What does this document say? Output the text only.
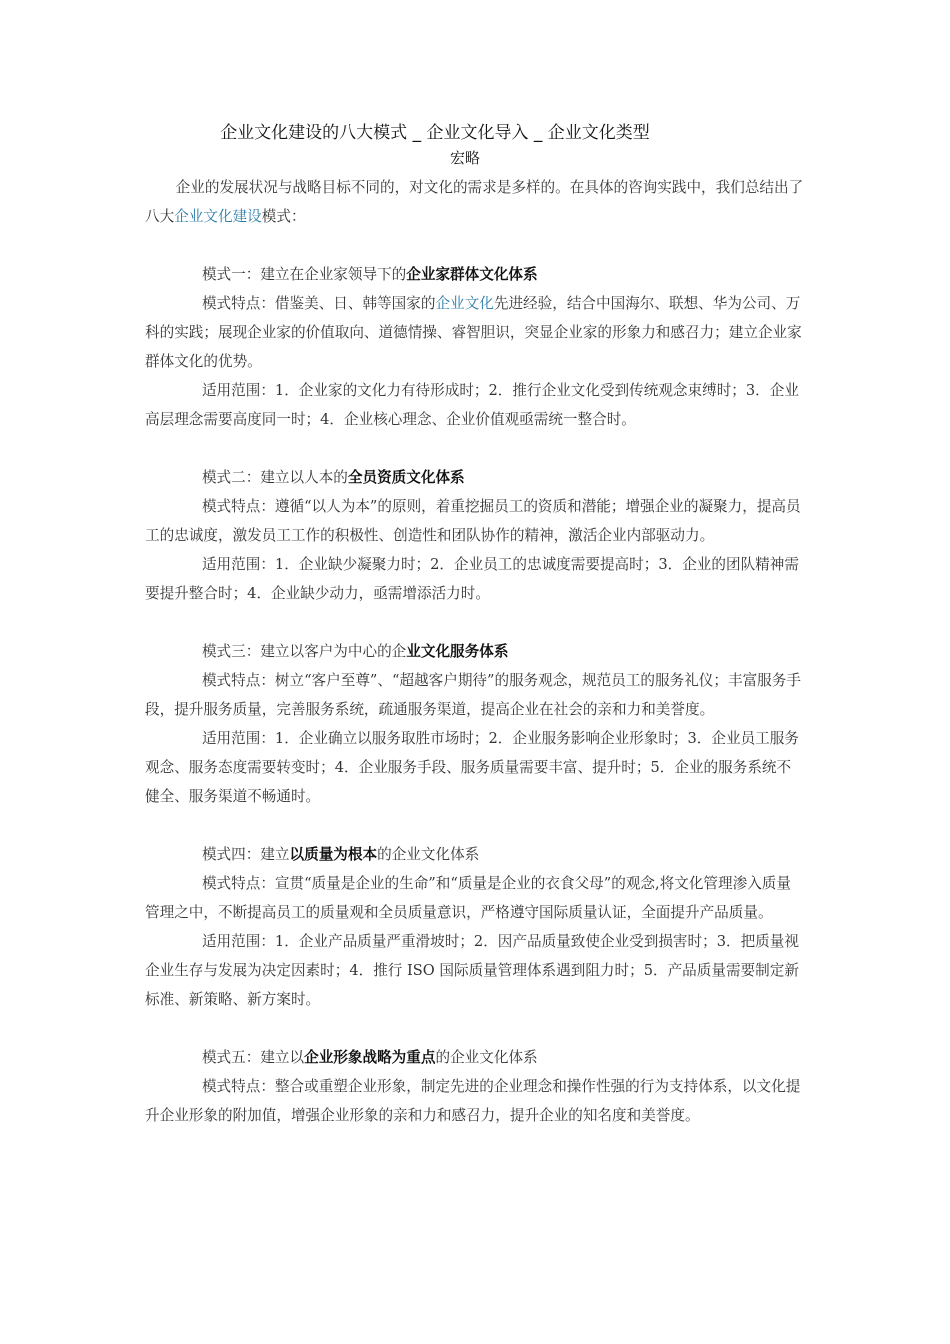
企业文化建设的八大模式 _ 企业文化导入 _ 企业文化类型
宏略

企业的发展状况与战略目标不同的，对文化的需求是多样的。在具体的咨询实践中，我们总结出了八大企业文化建设模式：

模式一：建立在企业家领导下的企业家群体文化体系

模式特点：借鉴美、日、韩等国家的企业文化先进经验，结合中国海尔、联想、华为公司、万科的实践；展现企业家的价值取向、道德情操、睿智胆识，突显企业家的形象力和感召力；建立企业家群体文化的优势。

适用范围：1．企业家的文化力有待形成时；2．推行企业文化受到传统观念束缚时；3．企业高层理念需要高度同一时；4．企业核心理念、企业价值观亟需统一整合时。

模式二：建立以人本的全员资质文化体系

模式特点：遵循“以人为本”的原则，着重挖掘员工的资质和潜能；增强企业的凝聚力，提高员工的忠诚度，激发员工工作的积极性、创造性和团队协作的精神，激活企业内部驱动力。

适用范围：1．企业缺少凝聚力时；2．企业员工的忠诚度需要提高时；3．企业的团队精神需要提升整合时；4．企业缺少动力，亟需增添活力时。

模式三：建立以客户为中心的企业文化服务体系

模式特点：树立“客户至尊”、“超越客户期待”的服务观念，规范员工的服务礼仪；丰富服务手段，提升服务质量，完善服务系统，疏通服务渠道，提高企业在社会的亲和力和美誉度。

适用范围：1．企业确立以服务取胜市场时；2．企业服务影响企业形象时；3．企业员工服务观念、服务态度需要转变时；4．企业服务手段、服务质量需要丰富、提升时；5．企业的服务系统不健全、服务渠道不畅通时。

模式四：建立以质量为根本的企业文化体系

模式特点：宣贯“质量是企业的生命”和“质量是企业的衣食父母”的观念,将文化管理渗入质量管理之中，不断提高员工的质量观和全员质量意识，严格遵守国际质量认证，全面提升产品质量。

适用范围：1．企业产品质量严重滑坡时；2．因产品质量致使企业受到损害时；3．把质量视企业生存与发展为决定因素时；4．推行 ISO 国际质量管理体系遇到阻力时；5．产品质量需要制定新标准、新策略、新方案时。

模式五：建立以企业形象战略为重点的企业文化体系

模式特点：整合或重塑企业形象，制定先进的企业理念和操作性强的行为支持体系，以文化提升企业形象的附加值，增强企业形象的亲和力和感召力，提升企业的知名度和美誉度。
